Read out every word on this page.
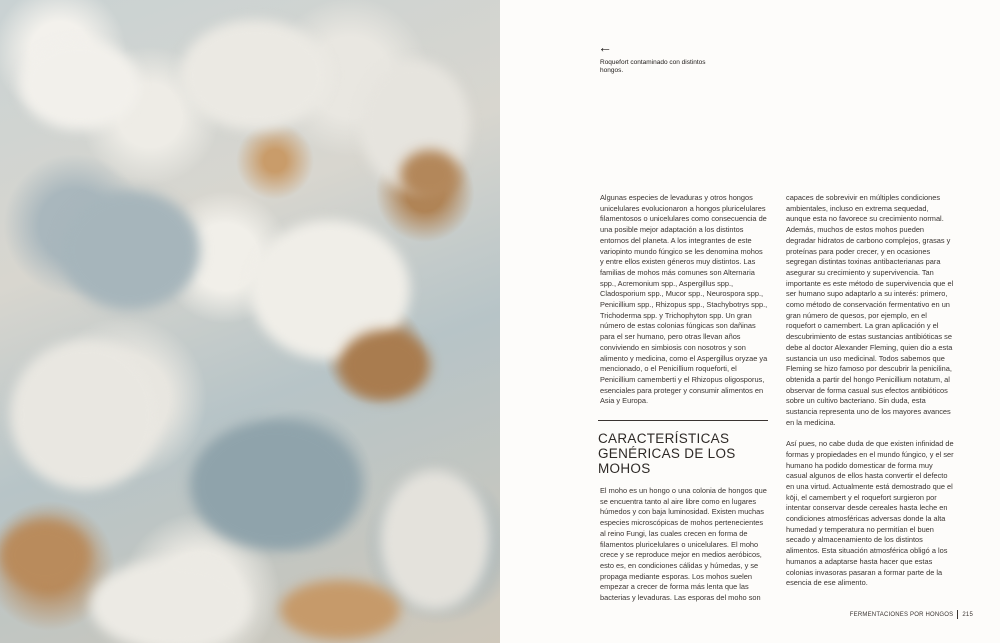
←
Roquefort contaminado con distintos hongos.

Algunas especies de levaduras y otros hongos unicelulares evolucionaron a hongos pluricelulares filamentosos o unicelulares como consecuencia de una posible mejor adaptación a los distintos entornos del planeta. A los integrantes de este variopinto mundo fúngico se les denomina mohos y entre ellos existen géneros muy distintos. Las familias de mohos más comunes son Alternaria spp., Acremonium spp., Aspergillus spp., Cladosporium spp., Mucor spp., Neurospora spp., Penicillium spp., Rhizopus spp., Stachybotrys spp., Trichoderma spp. y Trichophyton spp. Un gran número de estas colonias fúngicas son dañinas para el ser humano, pero otras llevan años conviviendo en simbiosis con nosotros y son alimento y medicina, como el Aspergillus oryzae ya mencionado, o el Penicillium roqueforti, el Penicillium camemberti y el Rhizopus oligosporus, esenciales para proteger y consumir alimentos en Asia y Europa.

CARACTERÍSTICAS GENÉRICAS DE LOS MOHOS

El moho es un hongo o una colonia de hongos que se encuentra tanto al aire libre como en lugares húmedos y con baja luminosidad. Existen muchas especies microscópicas de mohos pertenecientes al reino Fungi, las cuales crecen en forma de filamentos pluricelulares o unicelulares. El moho crece y se reproduce mejor en medios aeróbicos, esto es, en condiciones cálidas y húmedas, y se propaga mediante esporas. Los mohos suelen empezar a crecer de forma más lenta que las bacterias y levaduras. Las esporas del moho son

capaces de sobrevivir en múltiples condiciones ambientales, incluso en extrema sequedad, aunque esta no favorece su crecimiento normal. Además, muchos de estos mohos pueden degradar hidratos de carbono complejos, grasas y proteínas para poder crecer, y en ocasiones segregan distintas toxinas antibacterianas para asegurar su crecimiento y supervivencia. Tan importante es este método de supervivencia que el ser humano supo adaptarlo a su interés: primero, como método de conservación fermentativo en un gran número de quesos, por ejemplo, en el roquefort o camembert. La gran aplicación y el descubrimiento de estas sustancias antibióticas se debe al doctor Alexander Fleming, quien dio a esta sustancia un uso medicinal. Todos sabemos que Fleming se hizo famoso por descubrir la penicilina, obtenida a partir del hongo Penicillium notatum, al observar de forma casual sus efectos antibióticos sobre un cultivo bacteriano. Sin duda, esta sustancia representa uno de los mayores avances en la medicina.

Así pues, no cabe duda de que existen infinidad de formas y propiedades en el mundo fúngico, y el ser humano ha podido domesticar de forma muy casual algunos de ellos hasta convertir el defecto en una virtud. Actualmente está demostrado que el kōji, el camembert y el roquefort surgieron por intentar conservar desde cereales hasta leche en condiciones atmosféricas adversas donde la alta humedad y temperatura no permitían el buen secado y almacenamiento de los distintos alimentos. Esta situación atmosférica obligó a los humanos a adaptarse hasta hacer que estas colonias invasoras pasaran a formar parte de la esencia de ese alimento.

FERMENTACIONES POR HONGOS 215
